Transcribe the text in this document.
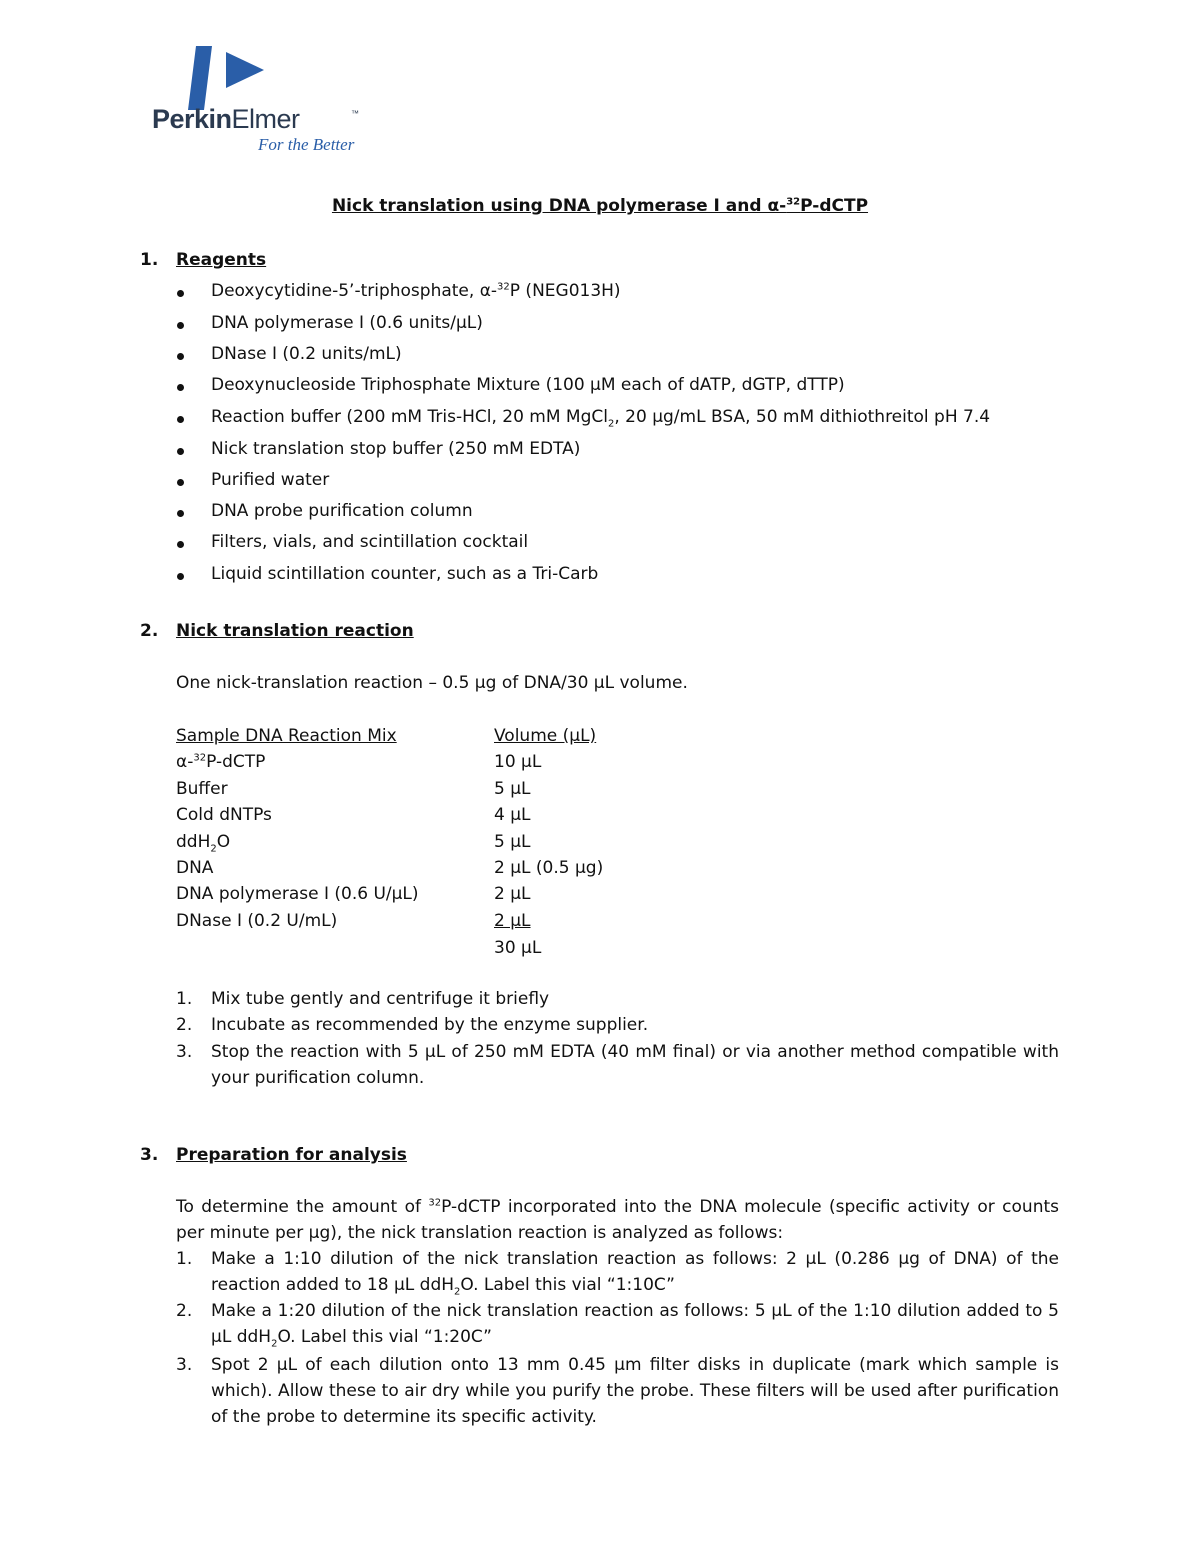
PerkinElmer	™
For the Better
Nick translation using DNA polymerase I and α-$^{32}$P-dCTP
1. Reagents
Deoxycytidine-5’-triphosphate, α-$^{32}$P (NEG013H)
DNA polymerase I (0.6 units/µL)
DNase I (0.2 units/mL)
Deoxynucleoside Triphosphate Mixture (100 µM each of dATP, dGTP, dTTP)
Reaction buffer (200 mM Tris-HCl, 20 mM MgCl$_2$, 20 µg/mL BSA, 50 mM dithiothreitol pH 7.4
Nick translation stop buffer (250 mM EDTA)
Purified water
DNA probe purification column
Filters, vials, and scintillation cocktail
Liquid scintillation counter, such as a Tri-Carb
2. Nick translation reaction
One nick-translation reaction – 0.5 µg of DNA/30 µL volume.
Sample DNA Reaction Mix	Volume (µL)
α-$^{32}$P-dCTP	10 µL
Buffer	5 µL
Cold dNTPs	4 µL
ddH$_2$O	5 µL
DNA	2 µL (0.5 µg)
DNA polymerase I (0.6 U/µL)	2 µL
DNase I (0.2 U/mL)	2 µL
30 µL
1. Mix tube gently and centrifuge it briefly
2. Incubate as recommended by the enzyme supplier.
3. Stop the reaction with 5 µL of 250 mM EDTA (40 mM final) or via another method compatible with your purification column.
3. Preparation for analysis
To determine the amount of $^{32}$P-dCTP incorporated into the DNA molecule (specific activity or counts per minute per µg), the nick translation reaction is analyzed as follows:
1. Make a 1:10 dilution of the nick translation reaction as follows: 2 µL (0.286 µg of DNA) of the reaction added to 18 µL ddH$_2$O. Label this vial “1:10C”
2. Make a 1:20 dilution of the nick translation reaction as follows: 5 µL of the 1:10 dilution added to 5 µL ddH$_2$O. Label this vial “1:20C”
3. Spot 2 µL of each dilution onto 13 mm 0.45 µm filter disks in duplicate (mark which sample is which). Allow these to air dry while you purify the probe. These filters will be used after purification of the probe to determine its specific activity.
